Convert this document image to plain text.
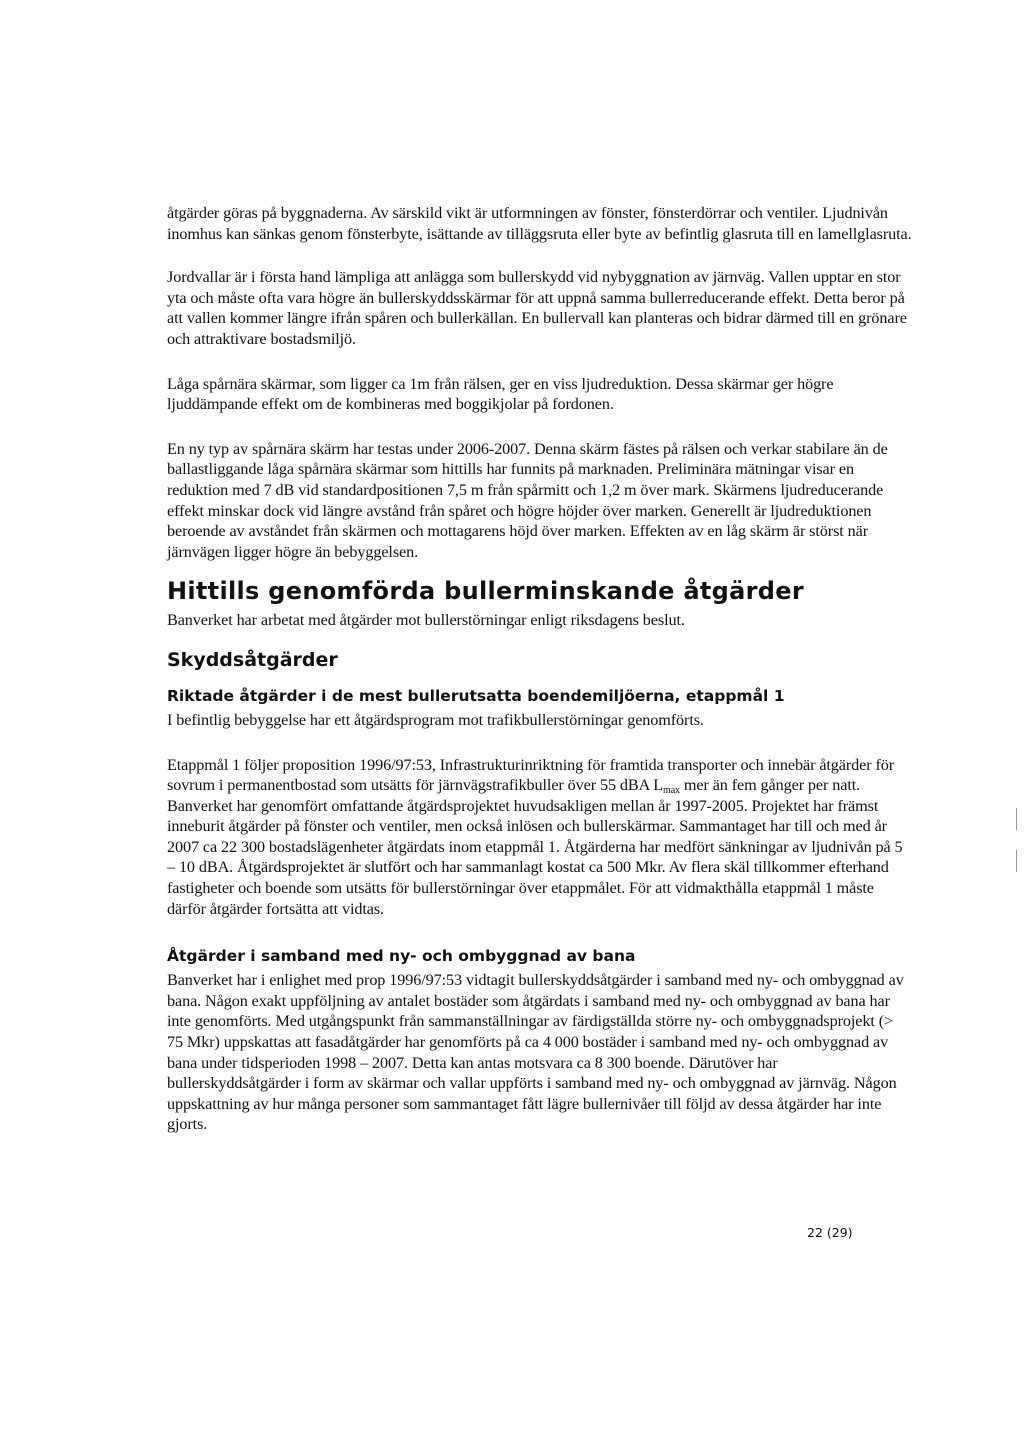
åtgärder göras på byggnaderna. Av särskild vikt är utformningen av fönster, fönsterdörrar och ventiler. Ljudnivån inomhus kan sänkas genom fönsterbyte, isättande av tilläggsruta eller byte av befintlig glasruta till en lamellglasruta.

Jordvallar är i första hand lämpliga att anlägga som bullerskydd vid nybyggnation av järnväg. Vallen upptar en stor yta och måste ofta vara högre än bullerskyddsskärmar för att uppnå samma bullerreducerande effekt. Detta beror på att vallen kommer längre ifrån spåren och bullerkällan. En bullervall kan planteras och bidrar därmed till en grönare och attraktivare bostadsmiljö.

Låga spårnära skärmar, som ligger ca 1m från rälsen, ger en viss ljudreduktion. Dessa skärmar ger högre ljuddämpande effekt om de kombineras med boggikjolar på fordonen.

En ny typ av spårnära skärm har testas under 2006-2007. Denna skärm fästes på rälsen och verkar stabilare än de ballastliggande låga spårnära skärmar som hittills har funnits på marknaden. Preliminära mätningar visar en reduktion med 7 dB vid standardpositionen 7,5 m från spårmitt och 1,2 m över mark. Skärmens ljudreducerande effekt minskar dock vid längre avstånd från spåret och högre höjder över marken. Generellt är ljudreduktionen beroende av avståndet från skärmen och mottagarens höjd över marken. Effekten av en låg skärm är störst när järnvägen ligger högre än bebyggelsen.

Hittills genomförda bullerminskande åtgärder

Banverket har arbetat med åtgärder mot bullerstörningar enligt riksdagens beslut.

Skyddsåtgärder
Riktade åtgärder i de mest bullerutsatta boendemiljöerna, etappmål 1

I befintlig bebyggelse har ett åtgärdsprogram mot trafikbullerstörningar genomförts.

Etappmål 1 följer proposition 1996/97:53, Infrastrukturinriktning för framtida transporter och innebär åtgärder för sovrum i permanentbostad som utsätts för järnvägstrafikbuller över 55 dBA $L_{max}$ mer än fem gånger per natt. Banverket har genomfört omfattande åtgärdsprojektet huvudsakligen mellan år 1997-2005. Projektet har främst inneburit åtgärder på fönster och ventiler, men också inlösen och bullerskärmar. Sammantaget har till och med år 2007 ca 22 300 bostadslägenheter åtgärdats inom etappmål 1. Åtgärderna har medfört sänkningar av ljudnivån på 5 – 10 dBA. Åtgärdsprojektet är slutfört och har sammanlagt kostat ca 500 Mkr. Av flera skäl tillkommer efterhand fastigheter och boende som utsätts för bullerstörningar över etappmålet. För att vidmakthålla etappmål 1 måste därför åtgärder fortsätta att vidtas.

Åtgärder i samband med ny- och ombyggnad av bana

Banverket har i enlighet med prop 1996/97:53 vidtagit bullerskyddsåtgärder i samband med ny- och ombyggnad av bana. Någon exakt uppföljning av antalet bostäder som åtgärdats i samband med ny- och ombyggnad av bana har inte genomförts. Med utgångspunkt från sammanställningar av färdigställda större ny- och ombyggnadsprojekt (> 75 Mkr) uppskattas att fasadåtgärder har genomförts på ca 4 000 bostäder i samband med ny- och ombyggnad av bana under tidsperioden 1998 – 2007. Detta kan antas motsvara ca 8 300 boende. Därutöver har bullerskyddsåtgärder i form av skärmar och vallar uppförts i samband med ny- och ombyggnad av järnväg. Någon uppskattning av hur många personer som sammantaget fått lägre bullernivåer till följd av dessa åtgärder har inte gjorts.

22 (29)
